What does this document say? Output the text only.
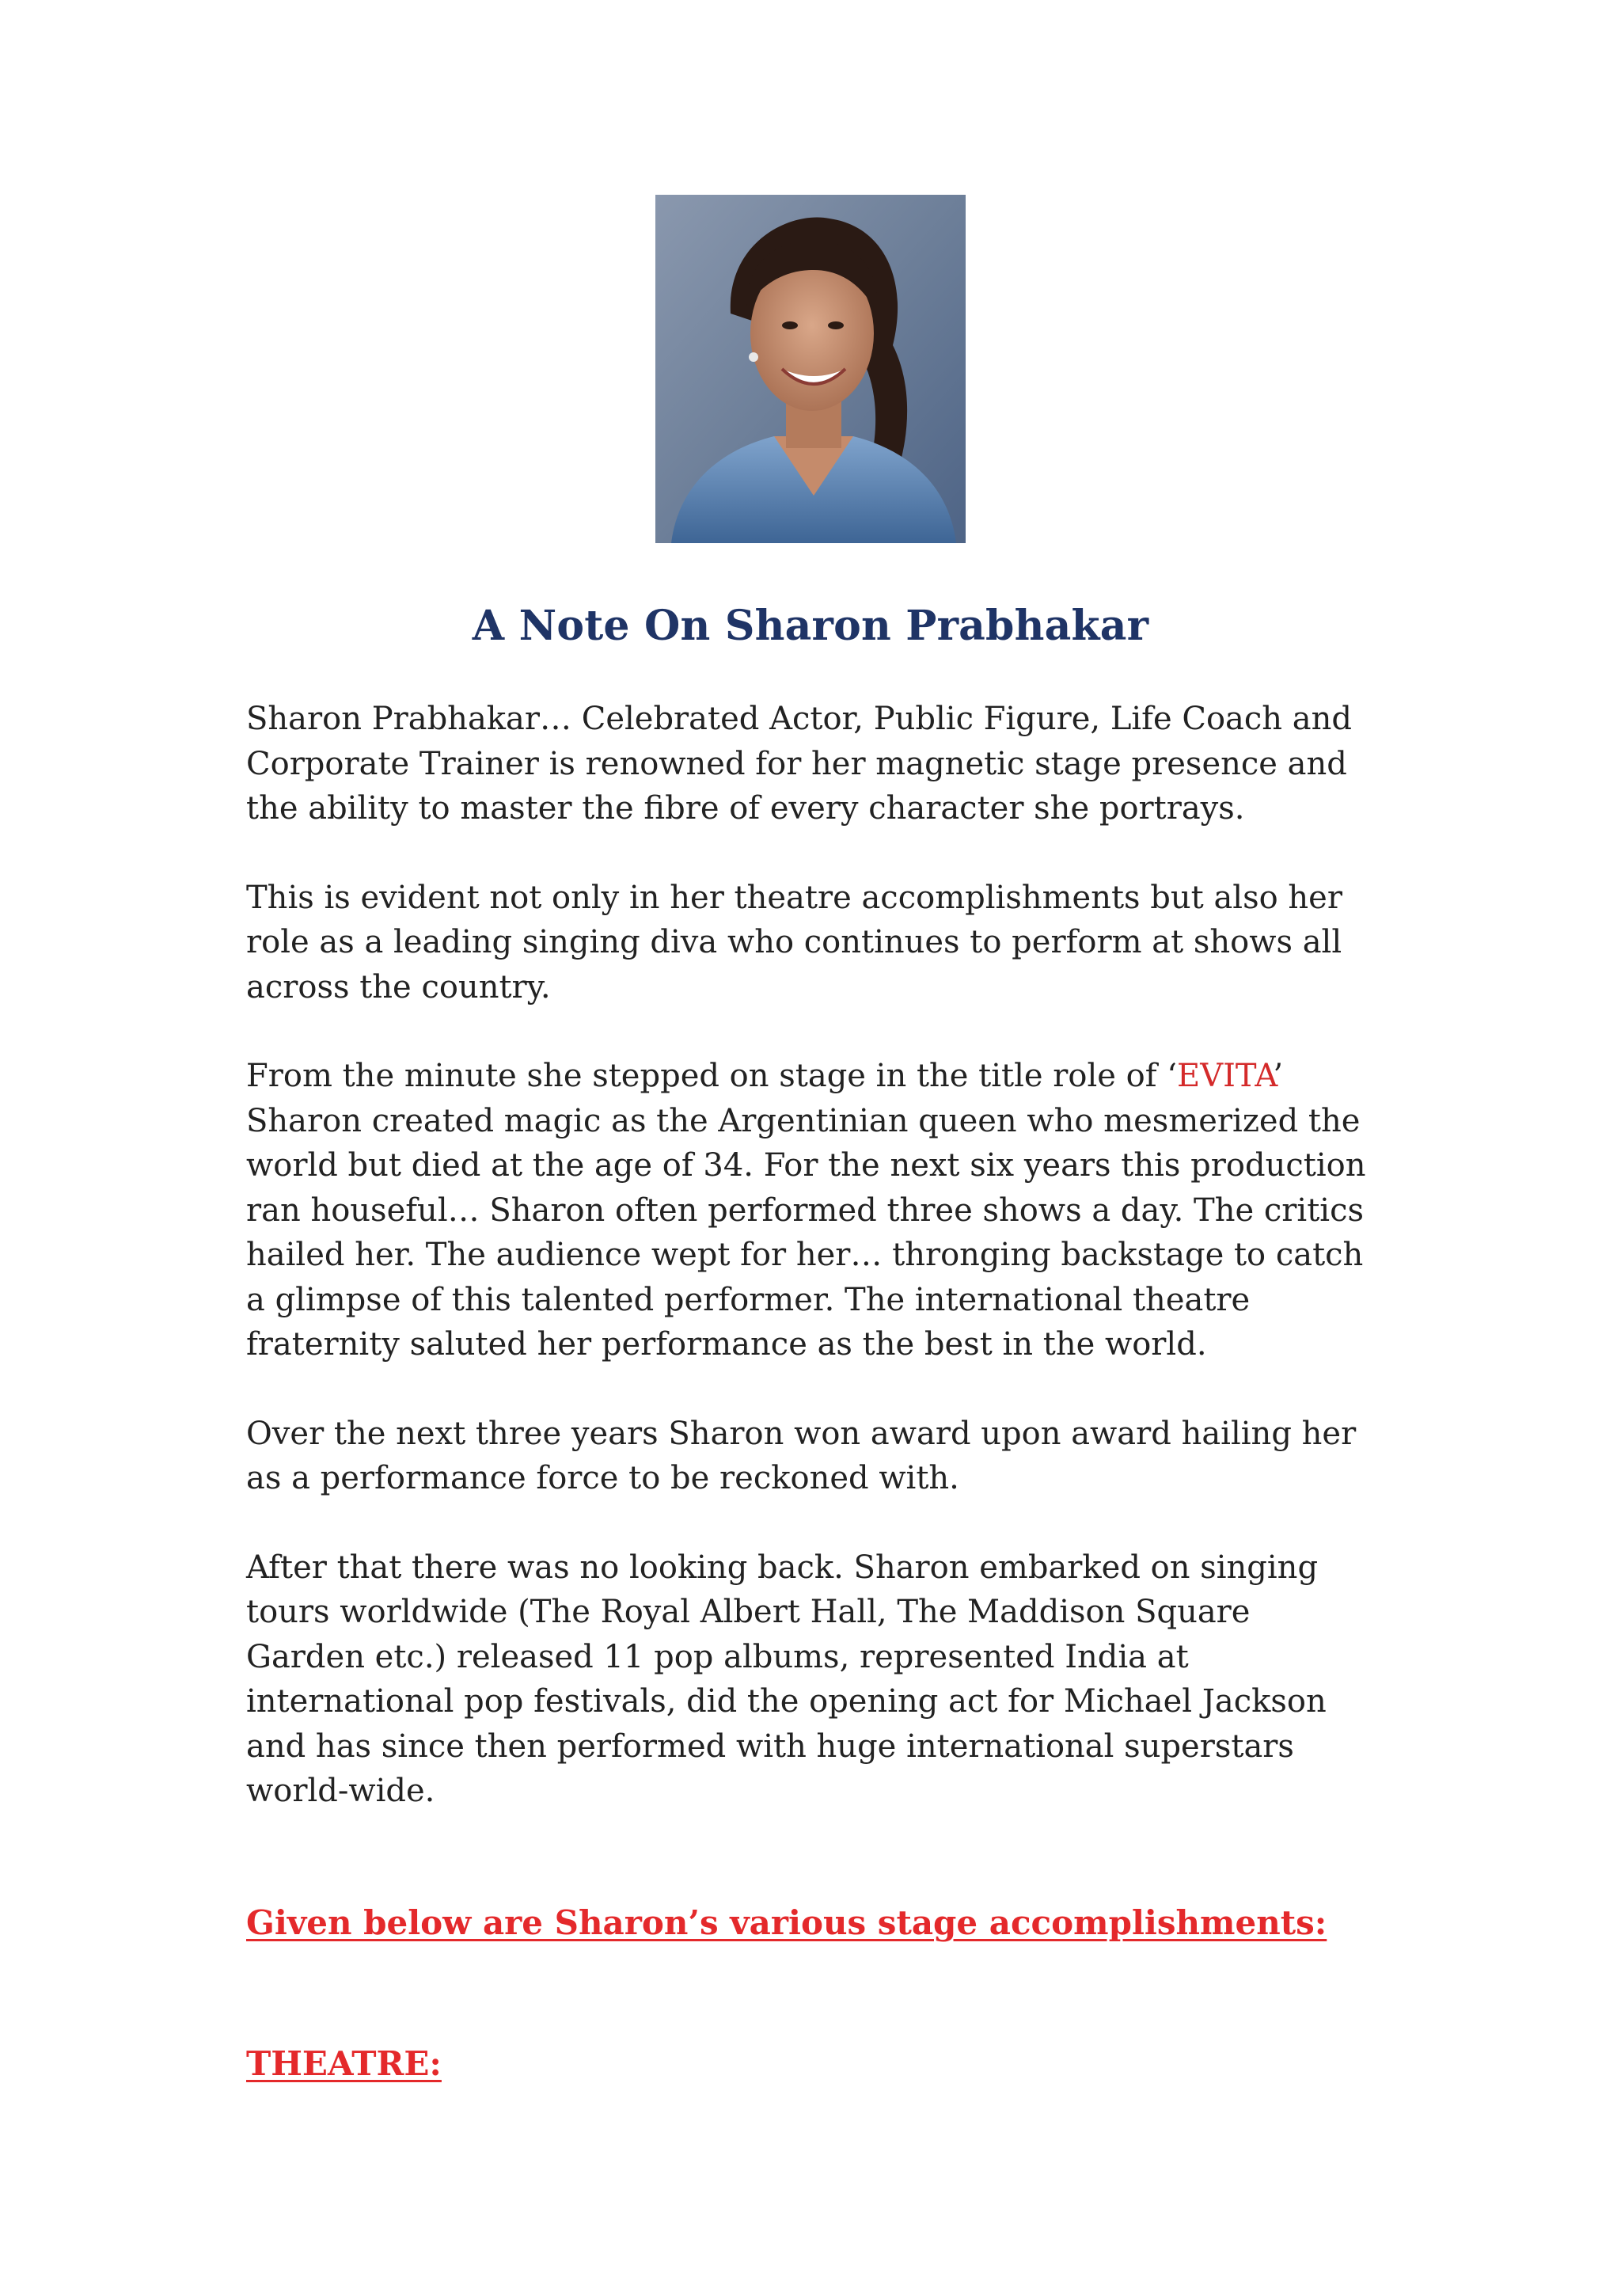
A Note On Sharon Prabhakar

Sharon Prabhakar… Celebrated Actor, Public Figure, Life Coach and
Corporate Trainer is renowned for her magnetic stage presence and
the ability to master the fibre of every character she portrays.

This is evident not only in her theatre accomplishments but also her
role as a leading singing diva who continues to perform at shows all
across the country.

From the minute she stepped on stage in the title role of ‘EVITA’
Sharon created magic as the Argentinian queen who mesmerized the
world but died at the age of 34. For the next six years this production
ran houseful… Sharon often performed three shows a day. The critics
hailed her. The audience wept for her… thronging backstage to catch
a glimpse of this talented performer. The international theatre
fraternity saluted her performance as the best in the world.

Over the next three years Sharon won award upon award hailing her
as a performance force to be reckoned with.

After that there was no looking back. Sharon embarked on singing
tours worldwide (The Royal Albert Hall, The Maddison Square
Garden etc.) released 11 pop albums, represented India at
international pop festivals, did the opening act for Michael Jackson
and has since then performed with huge international superstars
world-wide.

Given below are Sharon’s various stage accomplishments:
THEATRE:
